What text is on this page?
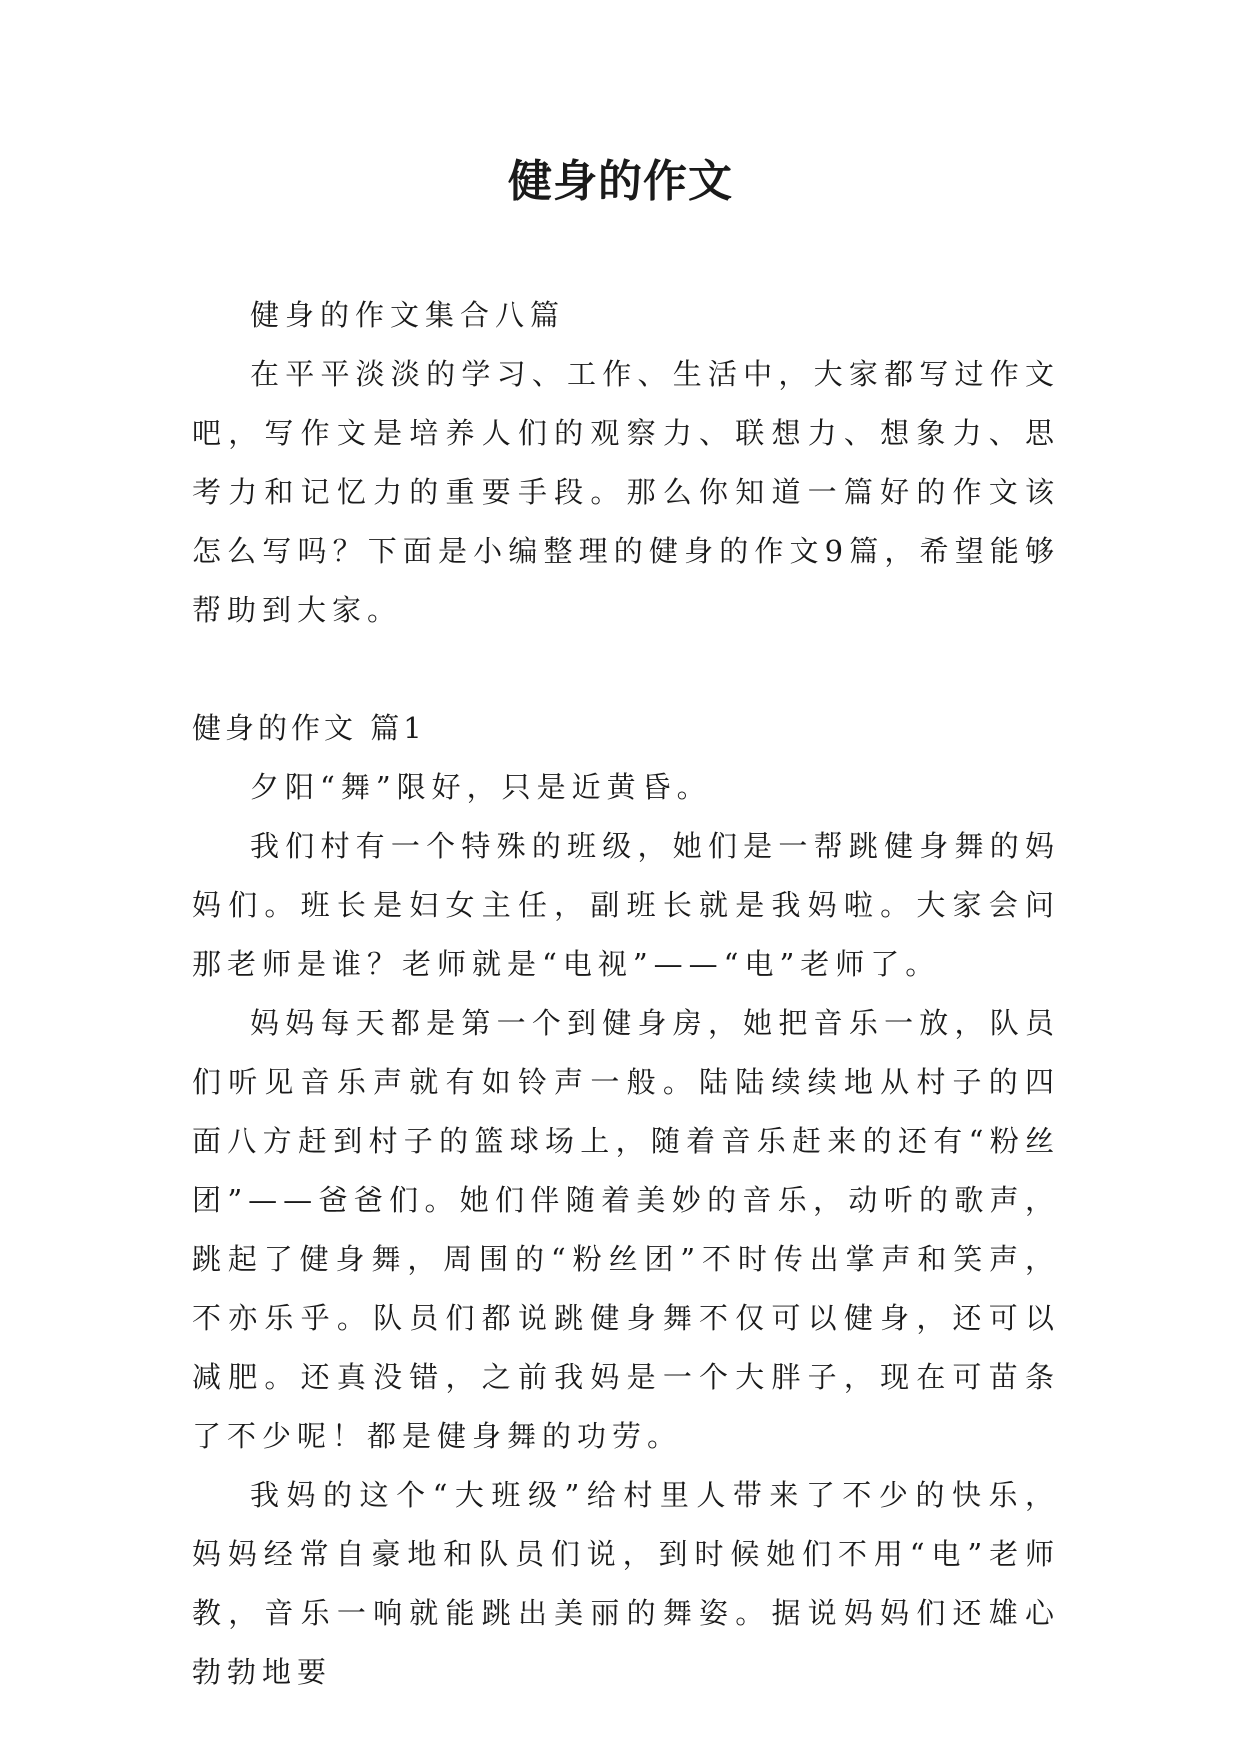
健身的作文

健身的作文集合八篇

在平平淡淡的学习、工作、生活中，大家都写过作文吧，写作文是培养人们的观察力、联想力、想象力、思考力和记忆力的重要手段。那么你知道一篇好的作文该怎么写吗？下面是小编整理的健身的作文9篇，希望能够帮助到大家。

健身的作文 篇1

夕阳“舞”限好，只是近黄昏。

我们村有一个特殊的班级，她们是一帮跳健身舞的妈妈们。班长是妇女主任，副班长就是我妈啦。大家会问那老师是谁？老师就是“电视”——“电”老师了。

妈妈每天都是第一个到健身房，她把音乐一放，队员们听见音乐声就有如铃声一般。陆陆续续地从村子的四面八方赶到村子的篮球场上，随着音乐赶来的还有“粉丝团”——爸爸们。她们伴随着美妙的音乐，动听的歌声，跳起了健身舞，周围的“粉丝团”不时传出掌声和笑声，不亦乐乎。队员们都说跳健身舞不仅可以健身，还可以减肥。还真没错，之前我妈是一个大胖子，现在可苗条了不少呢！都是健身舞的功劳。

我妈的这个“大班级”给村里人带来了不少的快乐，妈妈经常自豪地和队员们说，到时候她们不用“电”老师教，音乐一响就能跳出美丽的舞姿。据说妈妈们还雄心勃勃地要
